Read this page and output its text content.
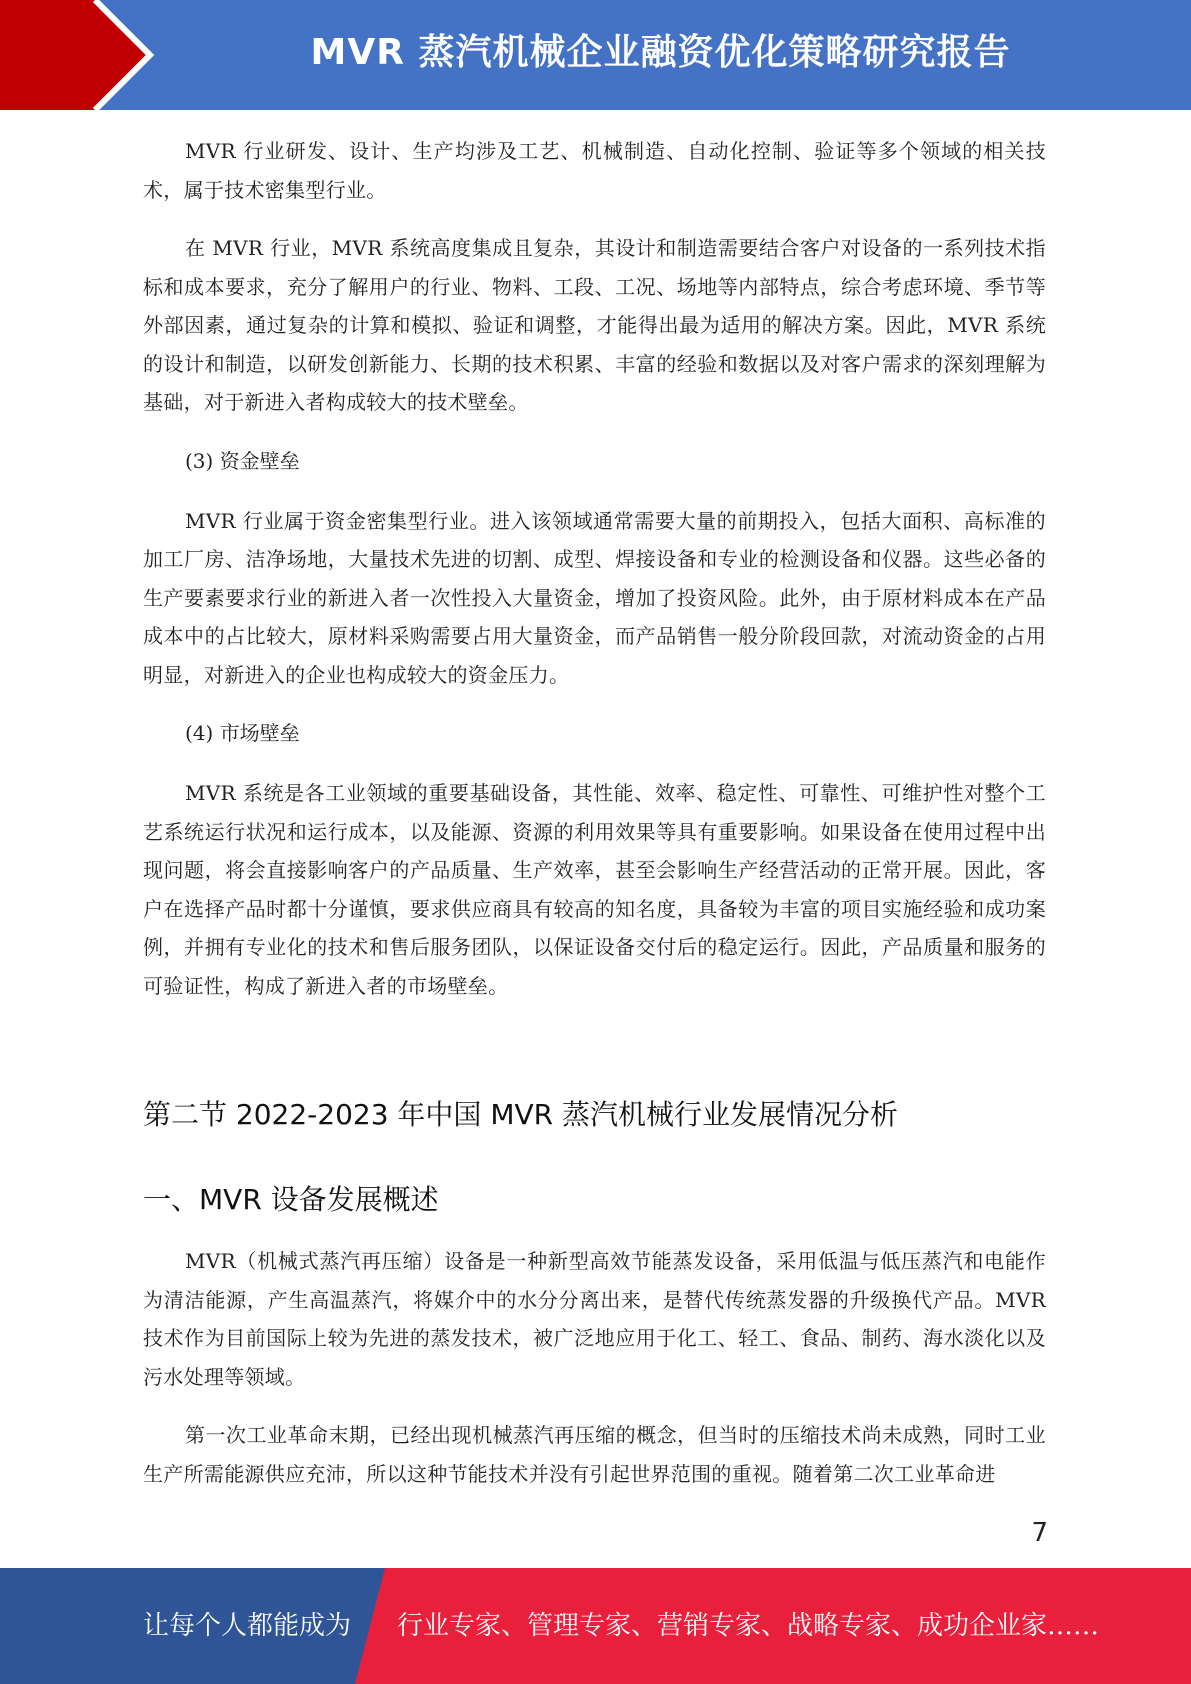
MVR 蒸汽机械企业融资优化策略研究报告

MVR 行业研发、设计、生产均涉及工艺、机械制造、自动化控制、验证等多个领域的相关技术，属于技术密集型行业。

在 MVR 行业，MVR 系统高度集成且复杂，其设计和制造需要结合客户对设备的一系列技术指标和成本要求，充分了解用户的行业、物料、工段、工况、场地等内部特点，综合考虑环境、季节等外部因素，通过复杂的计算和模拟、验证和调整，才能得出最为适用的解决方案。因此，MVR 系统的设计和制造，以研发创新能力、长期的技术积累、丰富的经验和数据以及对客户需求的深刻理解为基础，对于新进入者构成较大的技术壁垒。

(3) 资金壁垒

MVR 行业属于资金密集型行业。进入该领域通常需要大量的前期投入，包括大面积、高标准的加工厂房、洁净场地，大量技术先进的切割、成型、焊接设备和专业的检测设备和仪器。这些必备的生产要素要求行业的新进入者一次性投入大量资金，增加了投资风险。此外，由于原材料成本在产品成本中的占比较大，原材料采购需要占用大量资金，而产品销售一般分阶段回款，对流动资金的占用明显，对新进入的企业也构成较大的资金压力。

(4) 市场壁垒

MVR 系统是各工业领域的重要基础设备，其性能、效率、稳定性、可靠性、可维护性对整个工艺系统运行状况和运行成本，以及能源、资源的利用效果等具有重要影响。如果设备在使用过程中出现问题，将会直接影响客户的产品质量、生产效率，甚至会影响生产经营活动的正常开展。因此，客户在选择产品时都十分谨慎，要求供应商具有较高的知名度，具备较为丰富的项目实施经验和成功案例，并拥有专业化的技术和售后服务团队，以保证设备交付后的稳定运行。因此，产品质量和服务的可验证性，构成了新进入者的市场壁垒。

第二节 2022-2023 年中国 MVR 蒸汽机械行业发展情况分析
一、MVR 设备发展概述

MVR（机械式蒸汽再压缩）设备是一种新型高效节能蒸发设备，采用低温与低压蒸汽和电能作为清洁能源，产生高温蒸汽，将媒介中的水分分离出来，是替代传统蒸发器的升级换代产品。MVR 技术作为目前国际上较为先进的蒸发技术，被广泛地应用于化工、轻工、食品、制药、海水淡化以及污水处理等领域。

第一次工业革命末期，已经出现机械蒸汽再压缩的概念，但当时的压缩技术尚未成熟，同时工业生产所需能源供应充沛，所以这种节能技术并没有引起世界范围的重视。随着第二次工业革命进

7
让每个人都能成为 行业专家、管理专家、营销专家、战略专家、成功企业家……
